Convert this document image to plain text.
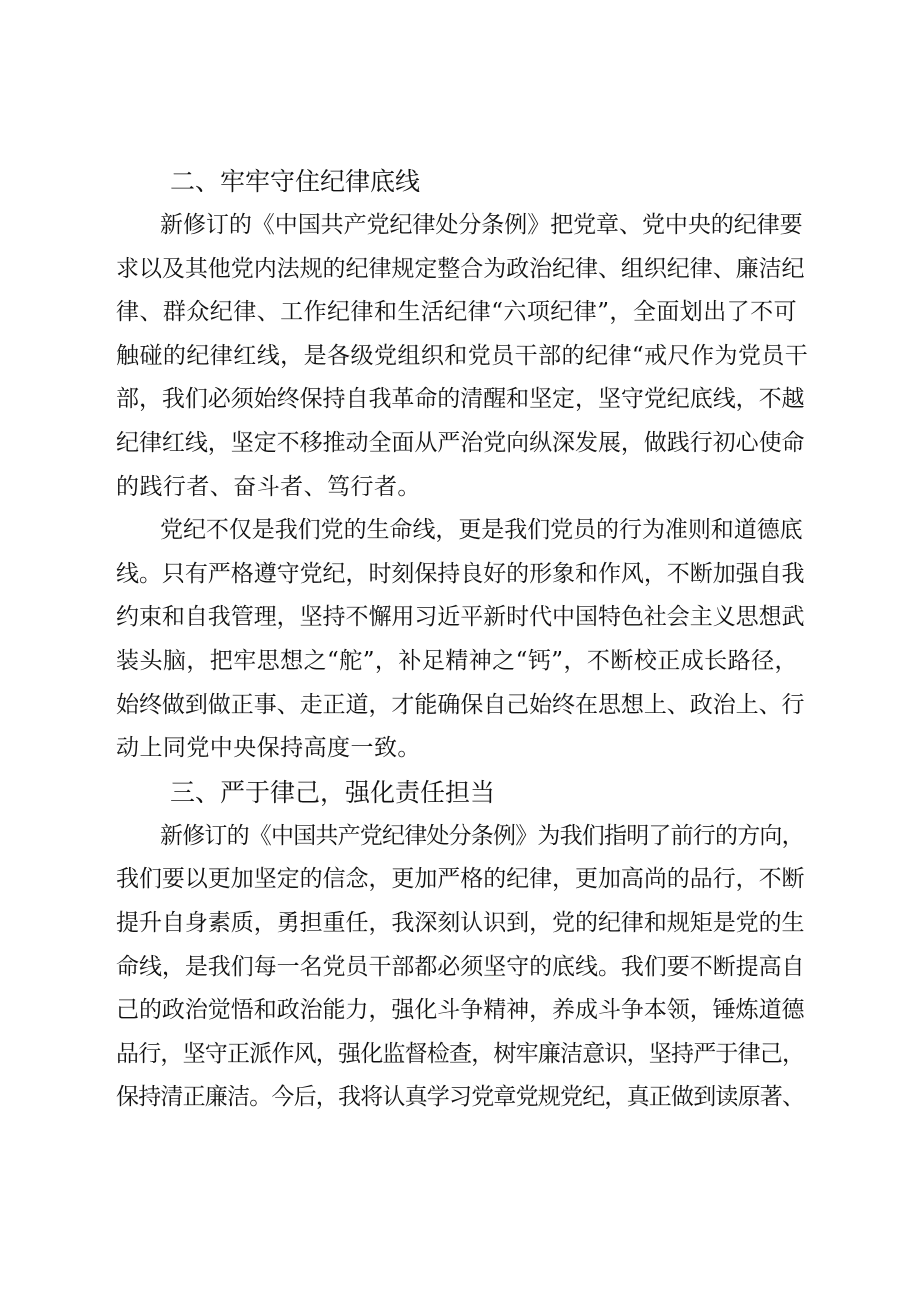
二、牢牢守住纪律底线
新修订的《中国共产党纪律处分条例》把党章、党中央的纪律要
求以及其他党内法规的纪律规定整合为政治纪律、组织纪律、廉洁纪
律、群众纪律、工作纪律和生活纪律“六项纪律”，全面划出了不可
触碰的纪律红线，是各级党组织和党员干部的纪律“戒尺作为党员干
部，我们必须始终保持自我革命的清醒和坚定，坚守党纪底线，不越
纪律红线，坚定不移推动全面从严治党向纵深发展，做践行初心使命
的践行者、奋斗者、笃行者。
党纪不仅是我们党的生命线，更是我们党员的行为准则和道德底
线。只有严格遵守党纪，时刻保持良好的形象和作风，不断加强自我
约束和自我管理，坚持不懈用习近平新时代中国特色社会主义思想武
装头脑，把牢思想之“舵”，补足精神之“钙”，不断校正成长路径，
始终做到做正事、走正道，才能确保自己始终在思想上、政治上、行
动上同党中央保持高度一致。
三、严于律己，强化责任担当
新修订的《中国共产党纪律处分条例》为我们指明了前行的方向，
我们要以更加坚定的信念，更加严格的纪律，更加高尚的品行，不断
提升自身素质，勇担重任，我深刻认识到，党的纪律和规矩是党的生
命线，是我们每一名党员干部都必须坚守的底线。我们要不断提高自
己的政治觉悟和政治能力，强化斗争精神，养成斗争本领，锤炼道德
品行，坚守正派作风，强化监督检查，树牢廉洁意识，坚持严于律己，
保持清正廉洁。今后，我将认真学习党章党规党纪，真正做到读原著、
